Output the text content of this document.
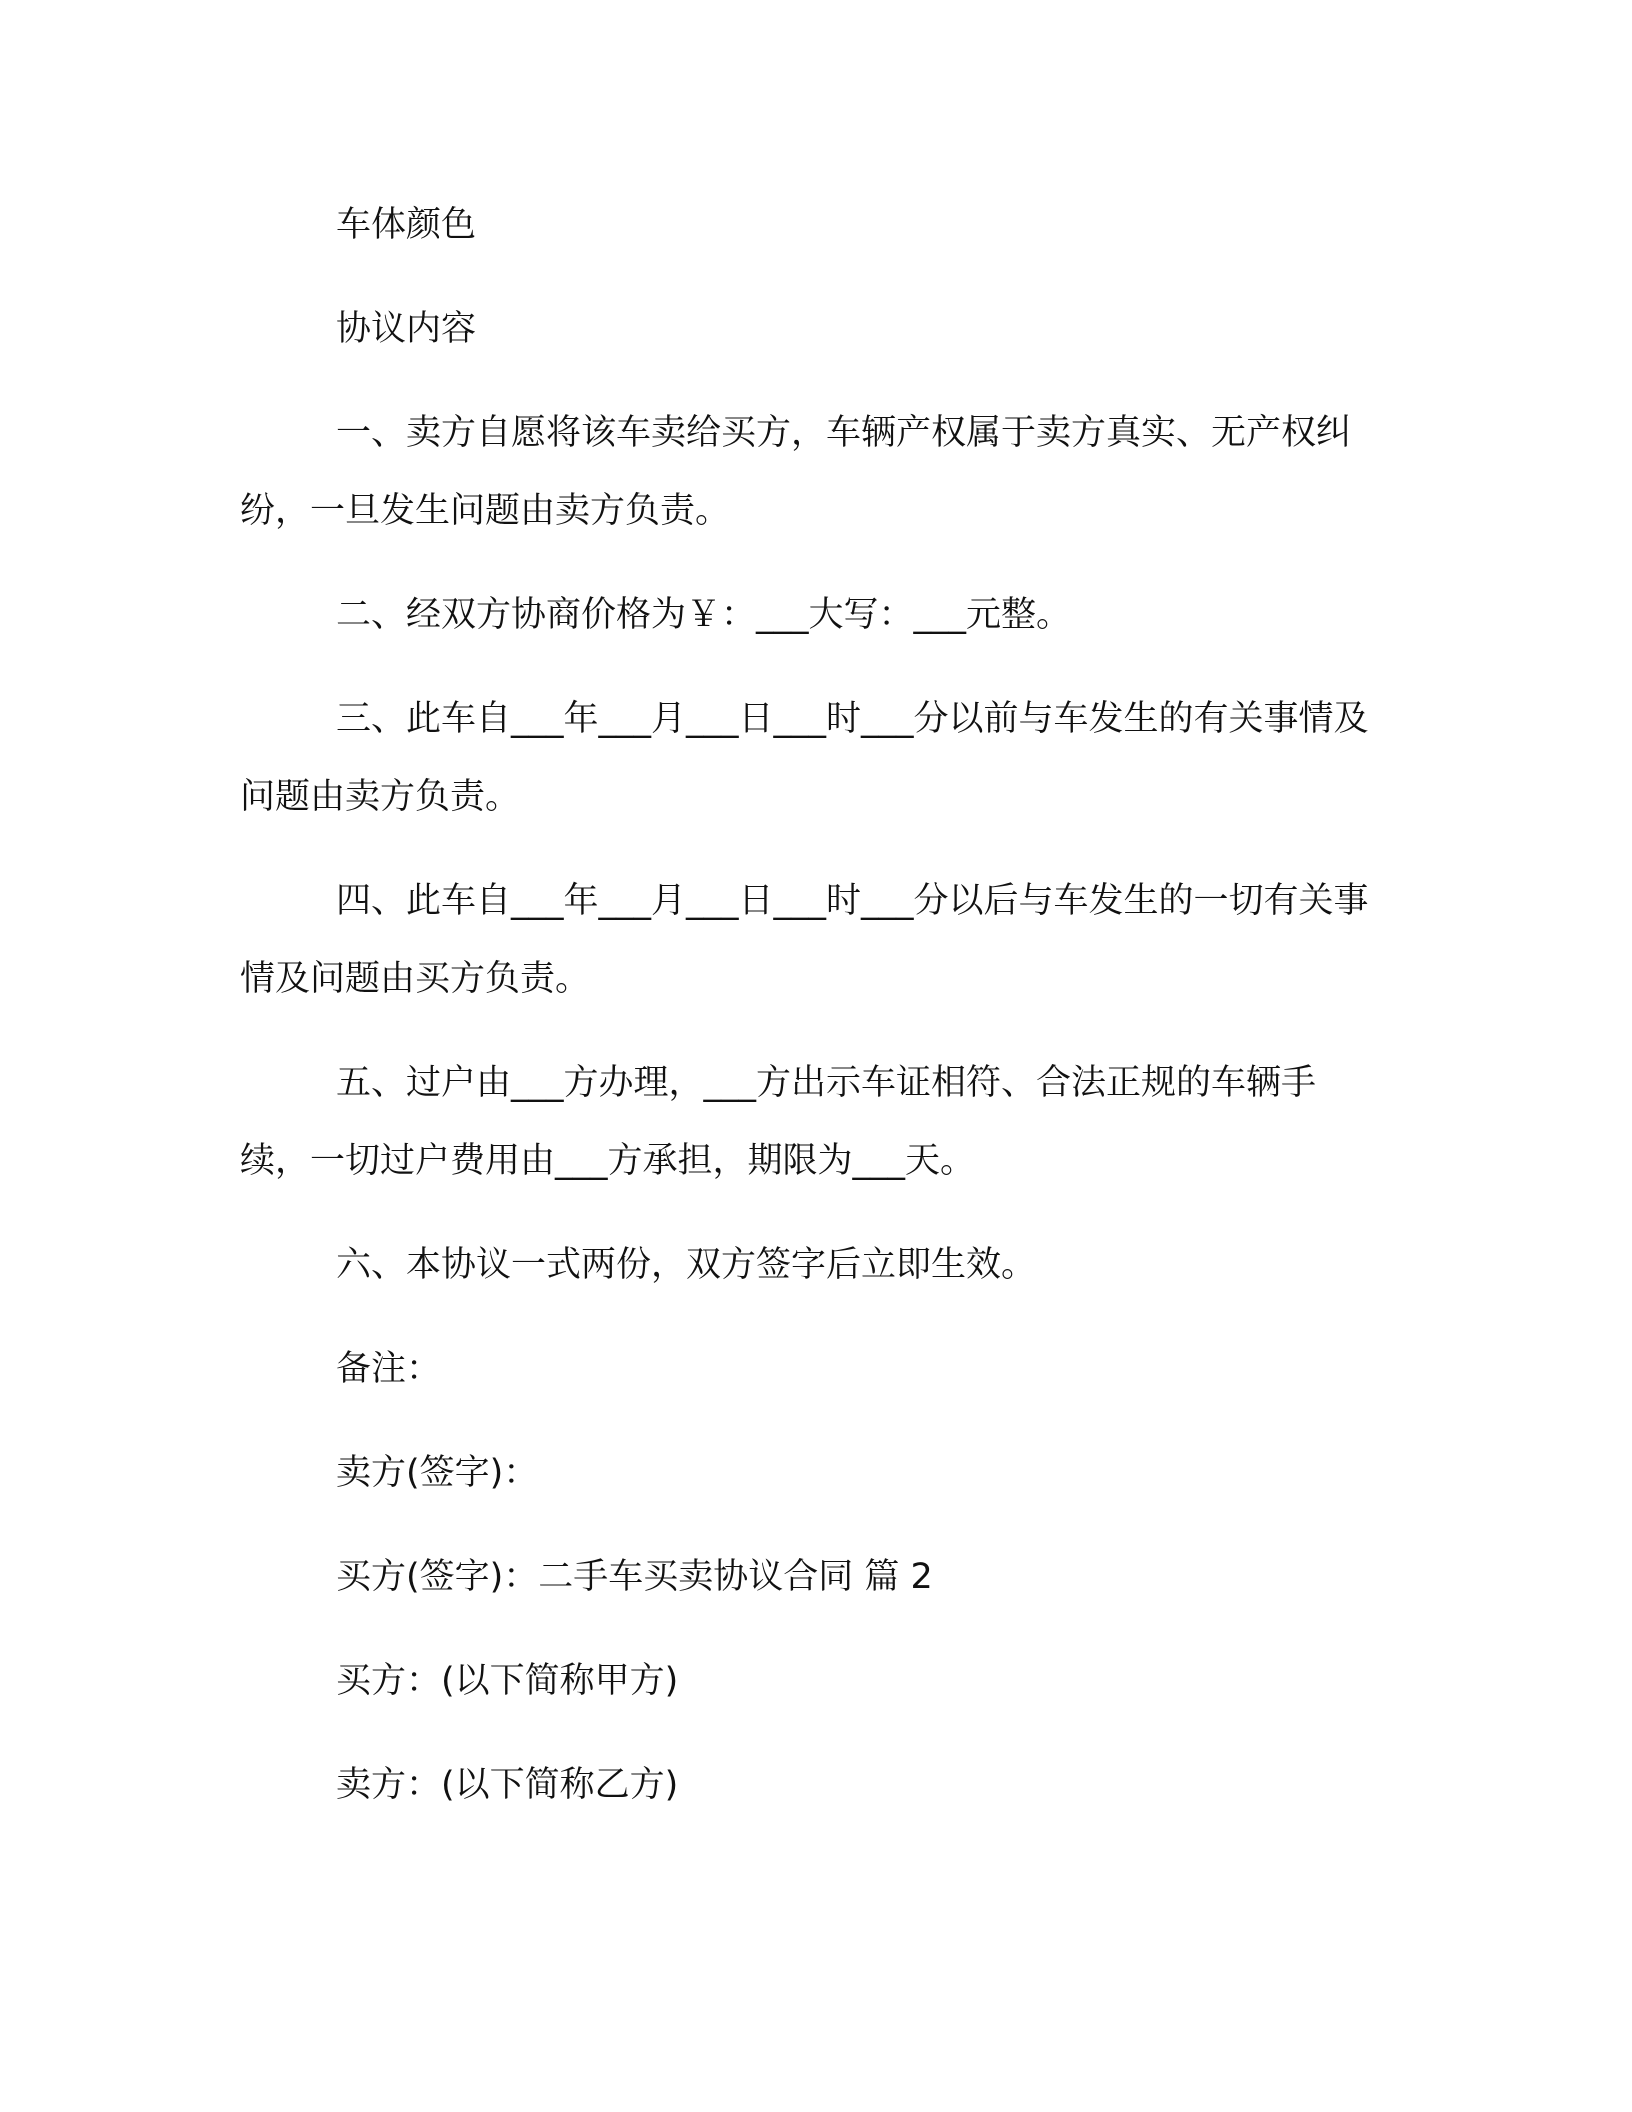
车体颜色

协议内容

一、卖方自愿将该车卖给买方，车辆产权属于卖方真实、无产权纠纷，一旦发生问题由卖方负责。

二、经双方协商价格为￥：___大写：___元整。

三、此车自___年___月___日___时___分以前与车发生的有关事情及问题由卖方负责。

四、此车自___年___月___日___时___分以后与车发生的一切有关事情及问题由买方负责。

五、过户由___方办理，___方出示车证相符、合法正规的车辆手续，一切过户费用由___方承担，期限为___天。

六、本协议一式两份，双方签字后立即生效。

备注：

卖方(签字)：

买方(签字)：二手车买卖协议合同 篇 2

买方：(以下简称甲方)

卖方：(以下简称乙方)
